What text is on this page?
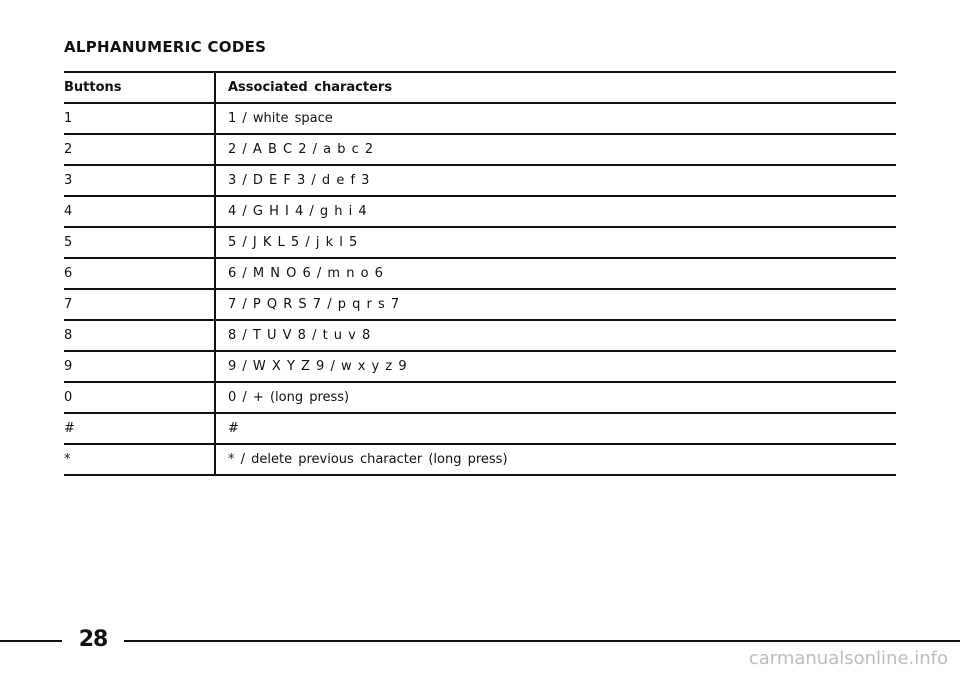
ALPHANUMERIC CODES
Buttons	Associated characters
1	1 / white space
2	2 / A B C 2 / a b c 2
3	3 / D E F 3 / d e f 3
4	4 / G H I 4 / g h i 4
5	5 / J K L 5 / j k l 5
6	6 / M N O 6 / m n o 6
7	7 / P Q R S 7 / p q r s 7
8	8 / T U V 8 / t u v 8
9	9 / W X Y Z 9 / w x y z 9
0	0 / + (long press)
#	#
*	* / delete previous character (long press)
28
carmanualsonline.info
